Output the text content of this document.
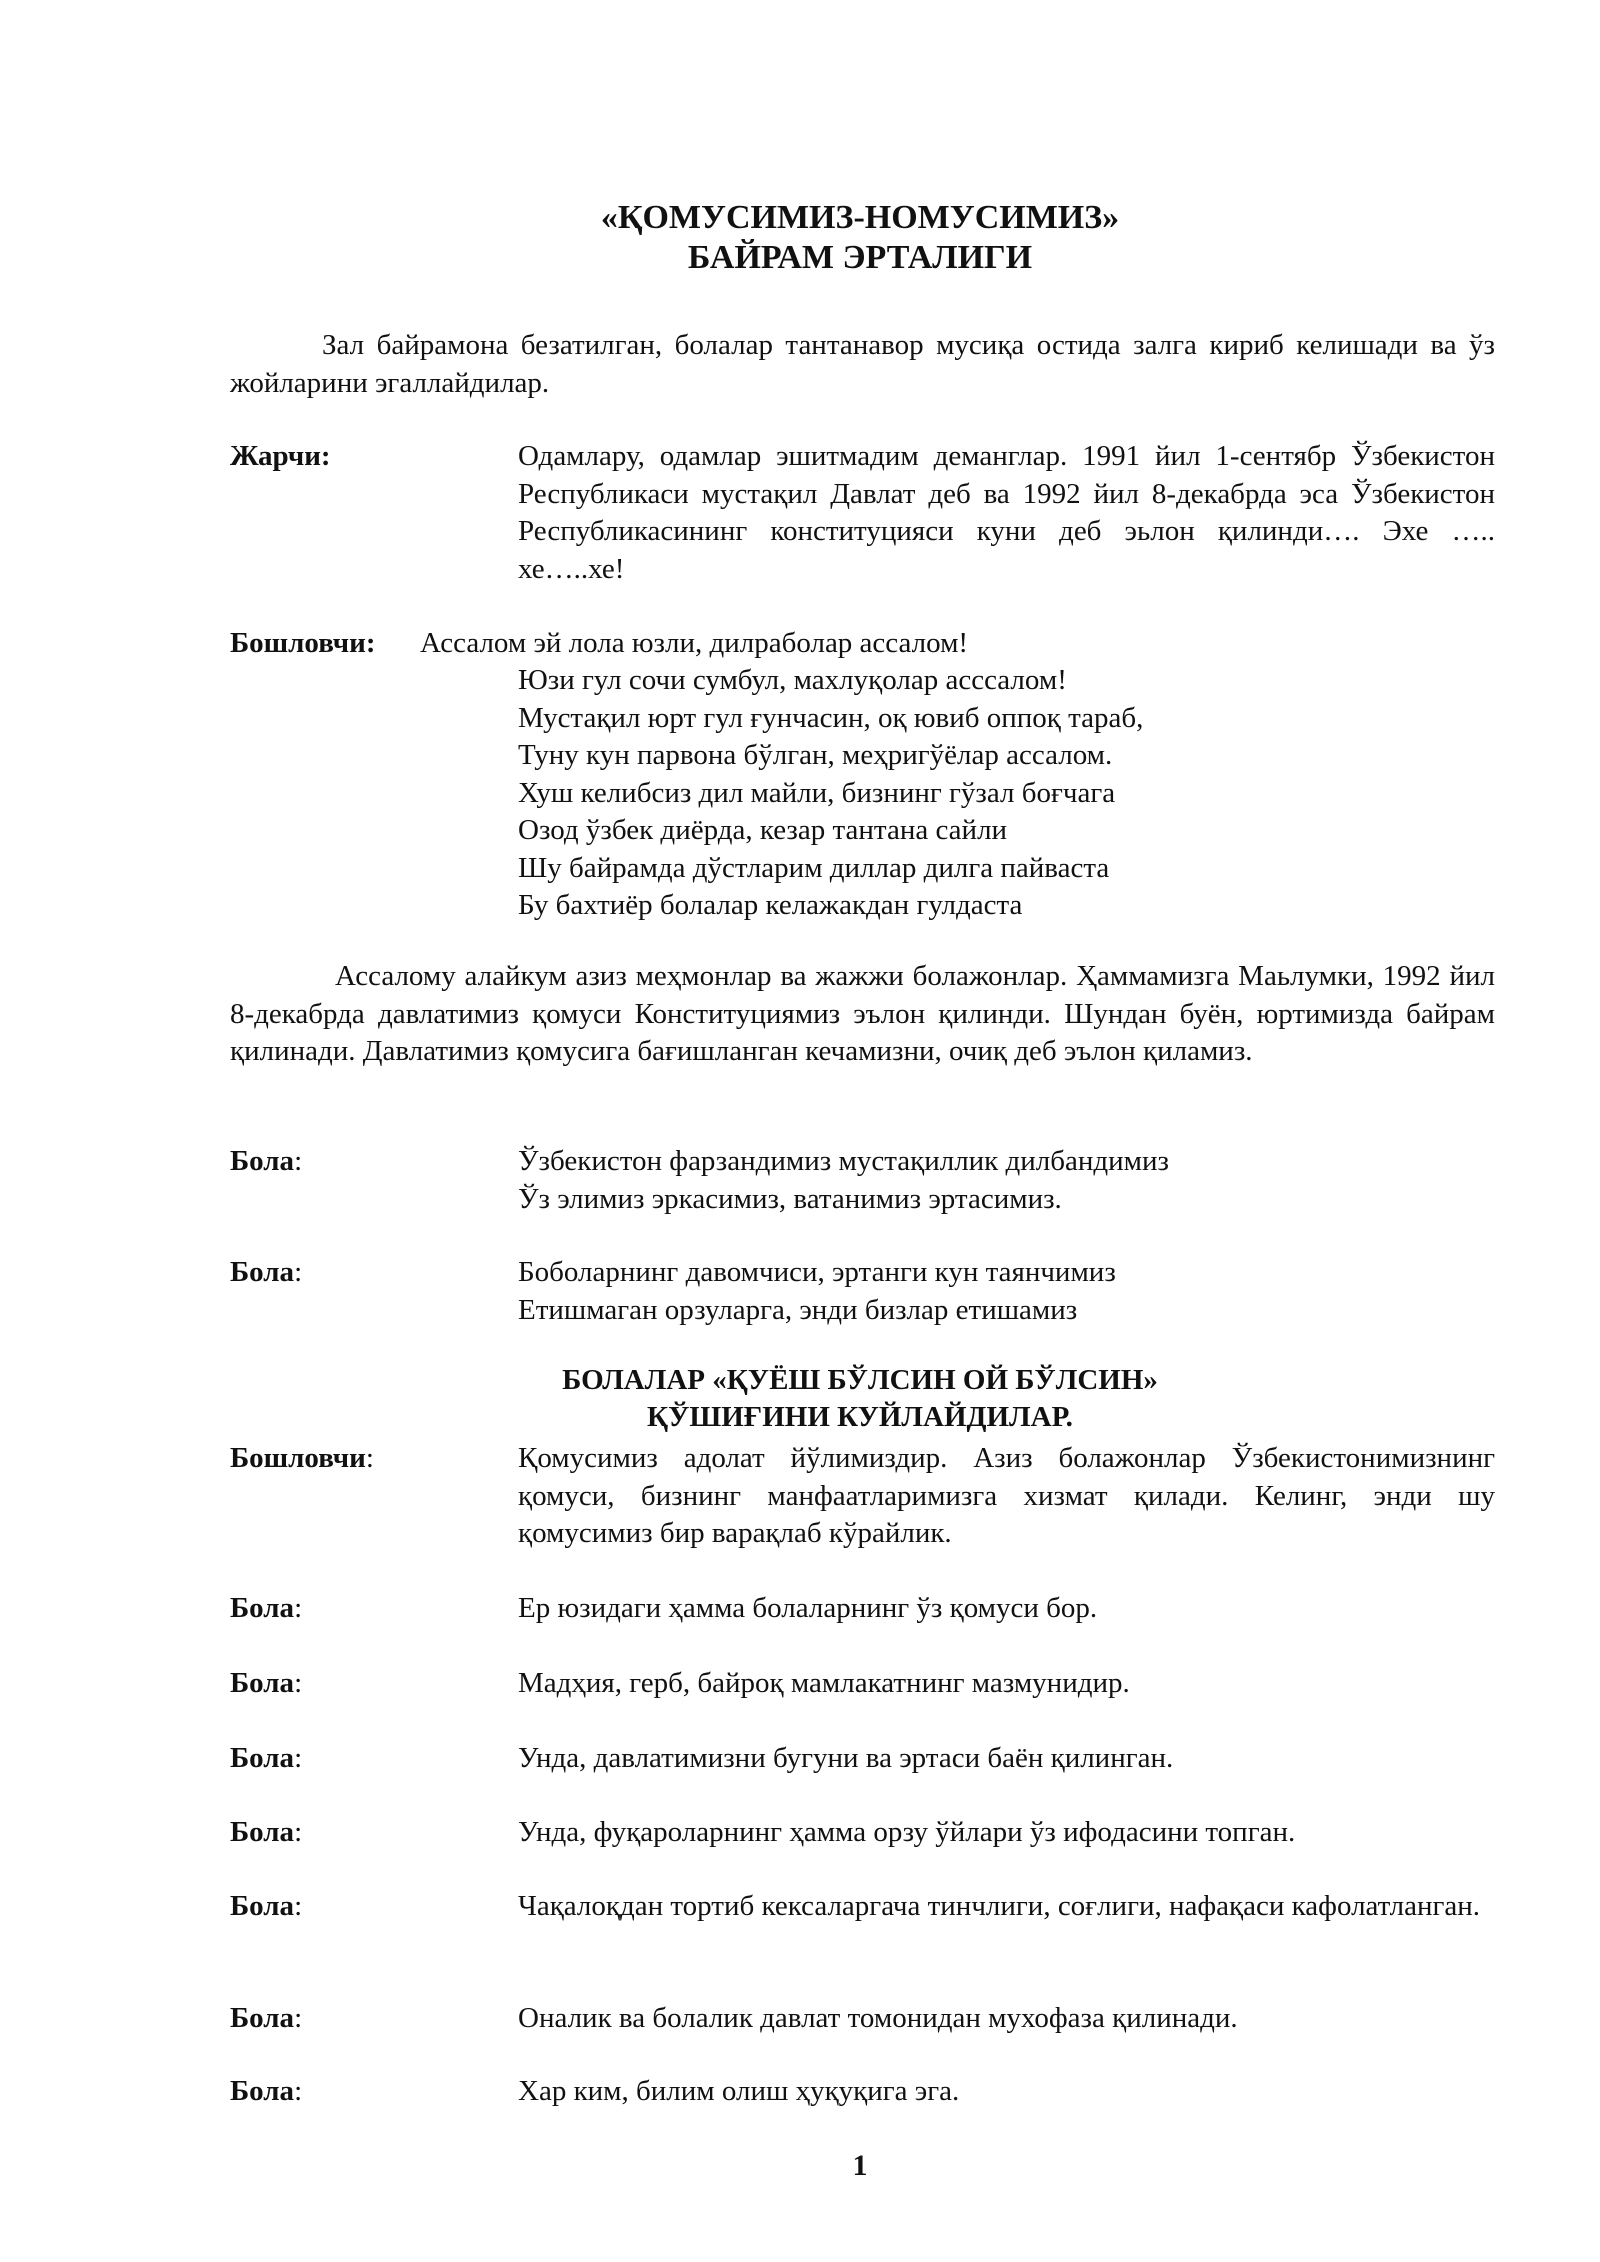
«ҚОМУСИМИЗ-НОМУСИМИЗ»
БАЙРАМ ЭРТАЛИГИ
Зал байрамона безатилган, болалар тантанавор мусиқа остида залга кириб келишади ва ўз жойларини эгаллайдилар.
Жарчи:	Одамлару, одамлар эшитмадим деманглар. 1991 йил 1-сентябр Ўзбекистон Республикаси мустақил Давлат деб ва 1992 йил 8-декабрда эса Ўзбекистон Республикасининг конституцияси куни деб эьлон қилинди…. Эхе ….. хе…..хе!
Бошловчи: Ассалом эй лола юзли, дилраболар ассалом!
Юзи гул сочи сумбул, махлуқолар асссалом!
Мустақил юрт гул ғунчасин, оқ ювиб оппоқ тараб,
Туну кун парвона бўлган, меҳригўёлар ассалом.
Хуш келибсиз дил майли, бизнинг гўзал боғчага
Озод ўзбек диёрда, кезар тантана сайли
Шу байрамда дўстларим диллар дилга пайваста
Бу бахтиёр болалар келажакдан гулдаста
Ассалому алайкум азиз меҳмонлар ва жажжи болажонлар. Ҳаммамизга Маьлумки, 1992 йил 8-декабрда давлатимиз қомуси Конституциямиз эълон қилинди. Шундан буён, юртимизда байрам қилинади. Давлатимиз қомусига бағишланган кечамизни, очиқ деб эълон қиламиз.
Бола:	Ўзбекистон фарзандимиз мустақиллик дилбандимиз
Ўз элимиз эркасимиз, ватанимиз эртасимиз.
Бола:	Боболарнинг давомчиси, эртанги кун таянчимиз
Етишмаган орзуларга, энди бизлар етишамиз
БОЛАЛАР «ҚУЁШ БЎЛСИН ОЙ БЎЛСИН»
ҚЎШИҒИНИ КУЙЛАЙДИЛАР.
Бошловчи:	Қомусимиз адолат йўлимиздир. Азиз болажонлар Ўзбекистонимизнинг қомуси, бизнинг манфаатларимизга хизмат қилади. Келинг, энди шу қомусимиз бир варақлаб кўрайлик.
Бола:	Ер юзидаги ҳамма болаларнинг ўз қомуси бор.
Бола:	Мадҳия, герб, байроқ мамлакатнинг мазмунидир.
Бола:	Унда, давлатимизни бугуни ва эртаси баён қилинган.
Бола:	Унда, фуқароларнинг ҳамма орзу ўйлари ўз ифодасини топган.
Бола:	Чақалоқдан тортиб кексаларгача тинчлиги, соғлиги, нафақаси кафолатланган.
Бола:	Оналик ва болалик давлат томонидан мухофаза қилинади.
Бола:	Хар ким, билим олиш ҳуқуқига эга.
1
